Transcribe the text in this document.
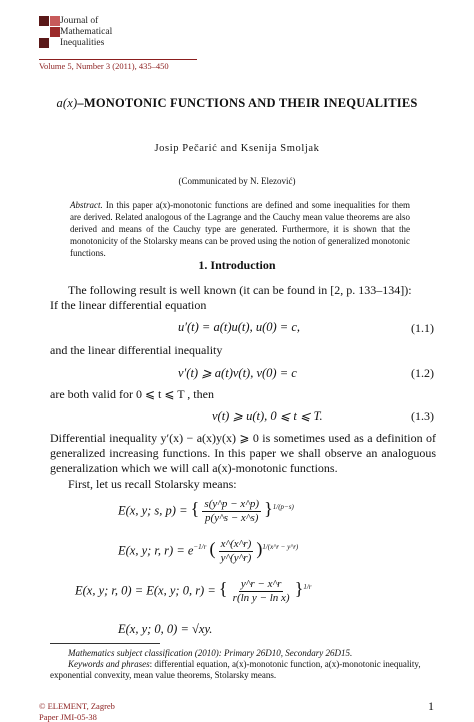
Journal of
Mathematical
Inequalities
Volume 5, Number 3 (2011), 435–450
a(x)–MONOTONIC FUNCTIONS AND THEIR INEQUALITIES
Josip Pečarić and Ksenija Smoljak
(Communicated by N. Elezović)
Abstract. In this paper a(x)-monotonic functions are defined and some inequalities for them are derived. Related analogous of the Lagrange and the Cauchy mean value theorems are also derived and means of the Cauchy type are generated. Furthermore, it is shown that the monotonicity of the Stolarsky means can be proved using the notion of generalized monotonic functions.
1. Introduction
The following result is well known (it can be found in [2, p. 133–134]):
If the linear differential equation
u′(t) = a(t)u(t), u(0) = c,	(1.1)
and the linear differential inequality
v′(t) ⩾ a(t)v(t), v(0) = c	(1.2)
are both valid for 0 ⩽ t ⩽ T , then
v(t) ⩾ u(t), 0 ⩽ t ⩽ T.	(1.3)
Differential inequality y′(x) − a(x)y(x) ⩾ 0 is sometimes used as a definition of generalized increasing functions. In this paper we shall observe an analoguous generalization which we will call a(x)-monotonic functions.
First, let us recall Stolarsky means:
E(x, y; s, p) = { $\frac{s(y\^{}p - x\^{}p)}{p(y\^{}s - x\^{}s)} \}^{1/(p-s)}$
E(x, y; r, $r) = e^{-1/r}$ ( $\frac{x\^{}(x\^{}r)}{y\^{}(y\^{}r)} )^{1/(x\^{}r - y\^{}r)}$
E(x, y; r, 0) = E(x, y; 0, r) = { $\frac{y\^{}r - x\^{}r}{\text{r(ln y − ln x)}} \}^{1/r}$
E(x, y; 0, 0) = √xy.
Mathematics subject classification (2010): Primary 26D10, Secondary 26D15.
Keywords and phrases: differential equation, a(x)-monotonic function, a(x)-monotonic inequality, exponential convexity, mean value theorems, Stolarsky means.
© ELEMENT, Zagreb
Paper JMI-05-38
1
